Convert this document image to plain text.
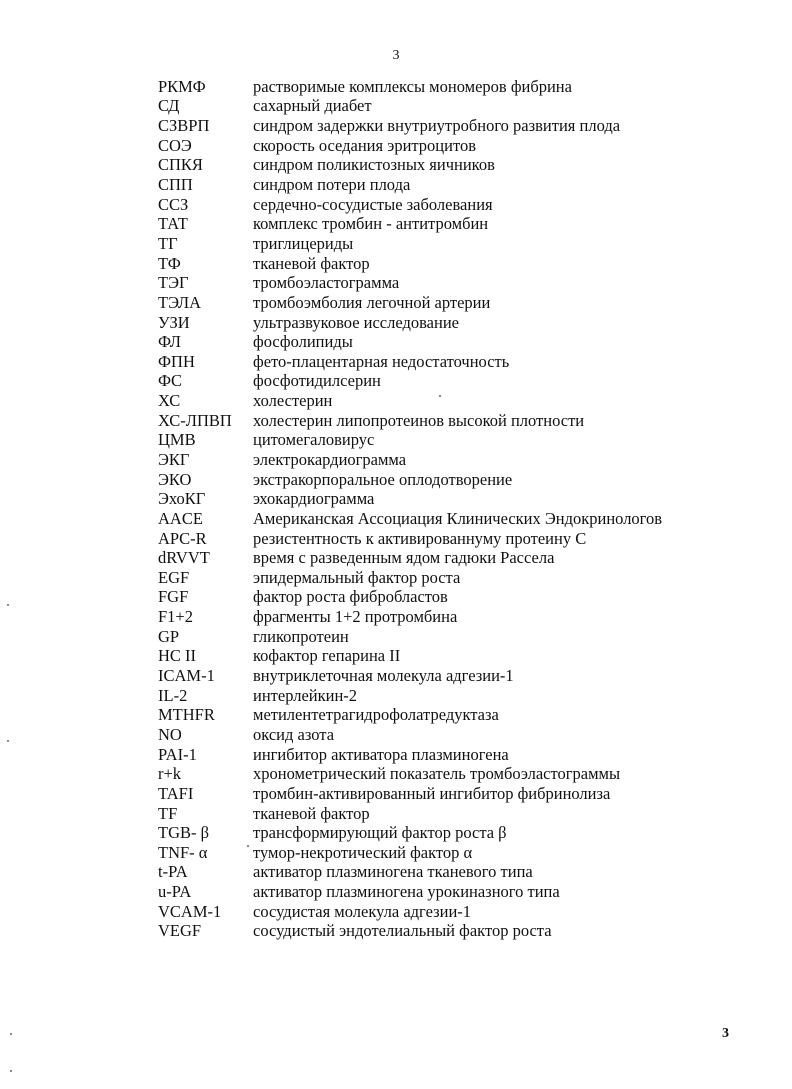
3
РКМФ	растворимые комплексы мономеров фибрина
СД	сахарный диабет
СЗВРП	синдром задержки внутриутробного развития плода
СОЭ	скорость оседания эритроцитов
СПКЯ	синдром поликистозных яичников
СПП	синдром потери плода
ССЗ	сердечно-сосудистые заболевания
ТАТ	комплекс тромбин - антитромбин
ТГ	триглицериды
ТФ	тканевой фактор
ТЭГ	тромбоэластограмма
ТЭЛА	тромбоэмболия легочной артерии
УЗИ	ультразвуковое исследование
ФЛ	фосфолипиды
ФПН	фето-плацентарная недостаточность
ФС	фосфотидилсерин
ХС	холестерин
ХС-ЛПВП	холестерин липопротеинов высокой плотности
ЦМВ	цитомегаловирус
ЭКГ	электрокардиограмма
ЭКО	экстракорпоральное оплодотворение
ЭхоКГ	эхокардиограмма
AACE	Американская Ассоциация Клинических Эндокринологов
APC-R	резистентность к активированнуму протеину С
dRVVT	время с разведенным ядом гадюки Рассела
EGF	эпидермальный фактор роста
FGF	фактор роста фибробластов
F1+2	фрагменты 1+2 протромбина
GP	гликопротеин
HC II	кофактор гепарина II
ICAM-1	внутриклеточная молекула адгезии-1
IL-2	интерлейкин-2
MTHFR	метилентетрагидрофолатредуктаза
NO	оксид азота
PAI-1	ингибитор активатора плазминогена
r+k	хронометрический показатель тромбоэластограммы
TAFI	тромбин-активированный ингибитор фибринолиза
TF	тканевой фактор
TGB- β	трансформирующий фактор роста β
TNF- α	тумор-некротический фактор α
t-PA	активатор плазминогена тканевого типа
u-PA	активатор плазминогена урокиназного типа
VCAM-1	сосудистая молекула адгезии-1
VEGF	сосудистый эндотелиальный фактор роста
3
